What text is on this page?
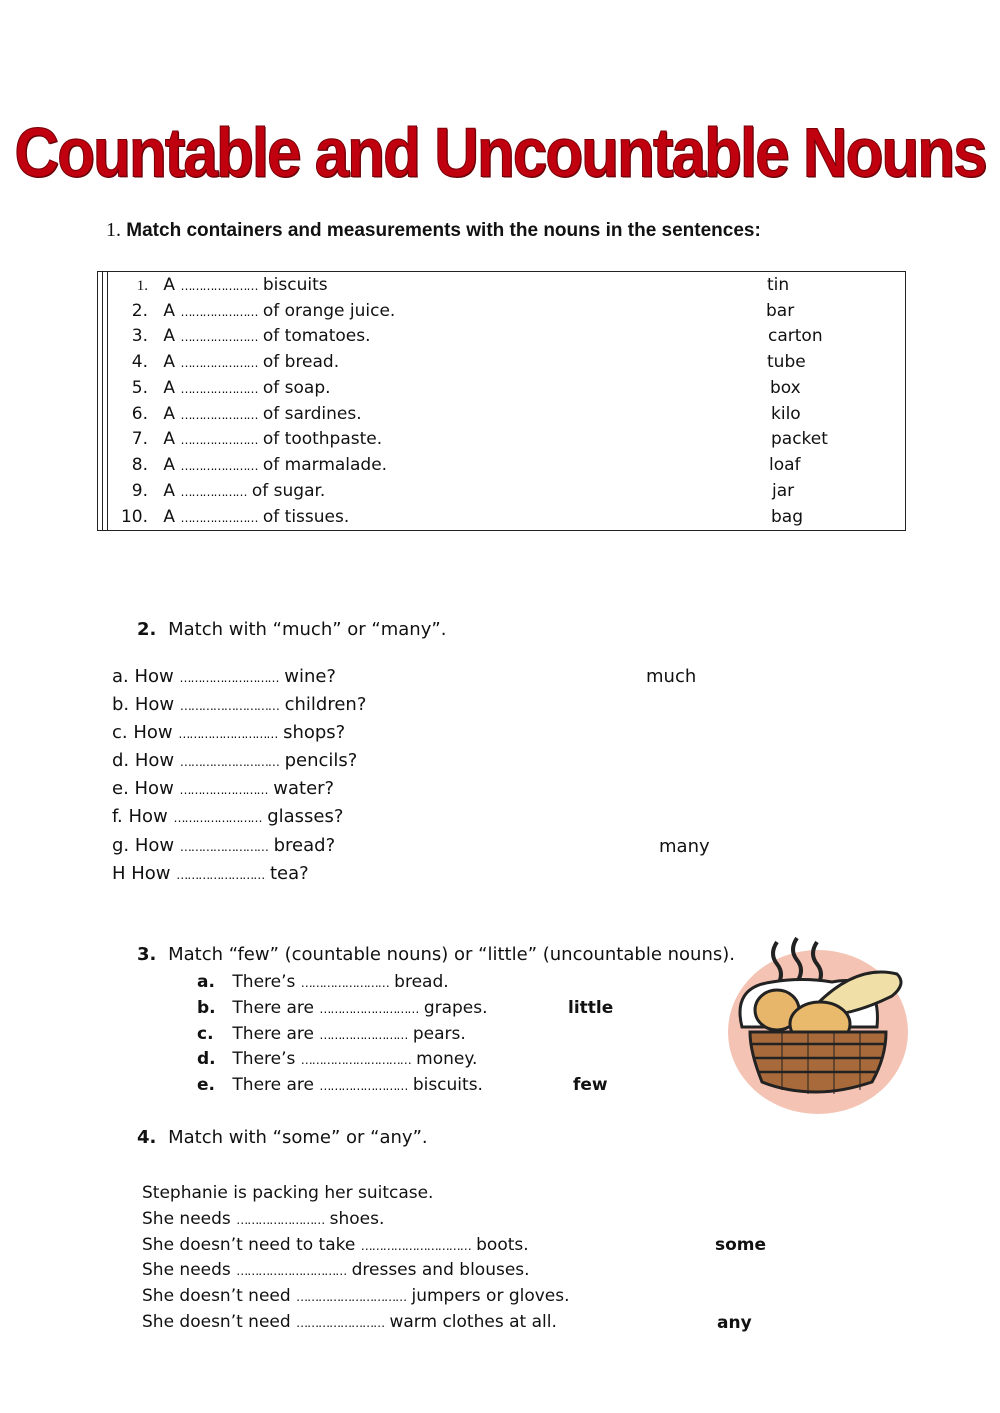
Countable and Uncountable Nouns
1. Match containers and measurements with the nouns in the sentences:
1. A ………………… biscuits
2. A ………………… of orange juice.
3. A ………………… of tomatoes.
4. A ………………… of bread.
5. A ………………… of soap.
6. A ………………… of sardines.
7. A ………………… of toothpaste.
8. A ………………… of marmalade.
9. A ……………… of sugar.
10. A ………………… of tissues.
tin
bar
carton
tube
box
kilo
packet
loaf
jar
bag
2. Match with “much” or “many”.
a. How ……………………… wine?
b. How ……………………… children?
c. How ……………………… shops?
d. How ……………………… pencils?
e. How …………………… water?
f. How …………………… glasses?
g. How …………………… bread?
H How …………………… tea?
much
many
3. Match “few” (countable nouns) or “little” (uncountable nouns).
a. There’s …………………… bread.
b. There are ……………………… grapes.
c. There are …………………… pears.
d. There’s ………………………… money.
e. There are …………………… biscuits.
little
few
4. Match with “some” or “any”.
Stephanie is packing her suitcase.
She needs …………………… shoes.
She doesn’t need to take ………………………… boots.
She needs ………………………… dresses and blouses.
She doesn’t need ………………………… jumpers or gloves.
She doesn’t need …………………… warm clothes at all.
some
any
